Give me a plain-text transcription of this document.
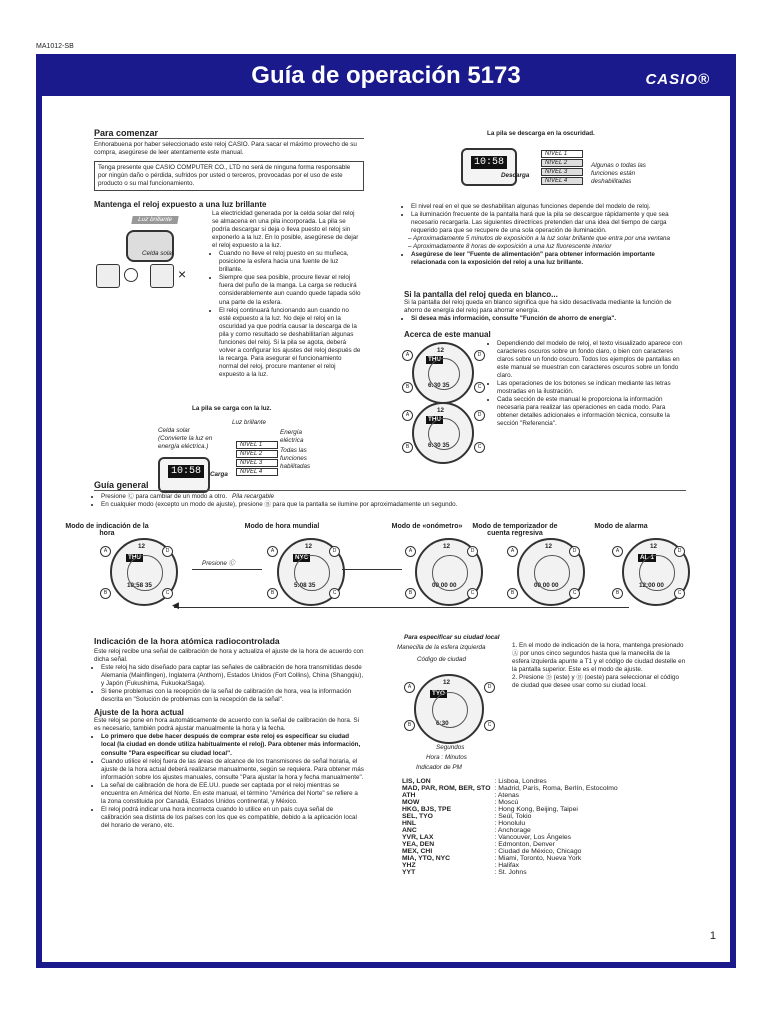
MA1012-SB
Guía de operación 5173	CASIO®
Para comenzar
Enhorabuena por haber seleccionado este reloj CASIO. Para sacar el máximo provecho de su compra, asegúrese de leer atentamente este manual.
Tenga presente que CASIO COMPUTER CO., LTD no será de ninguna forma responsable por ningún daño o pérdida, sufridos por usted o terceros, provocadas por el uso de este producto o su mal funcionamiento.
Mantenga el reloj expuesto a una luz brillante
Luz brillante
Celda solar
×
La electricidad generada por la celda solar del reloj se almacena en una pila incorporada. La pila se podría descargar si deja o lleva puesto el reloj sin exponerlo a la luz. En lo posible, asegúrese de dejar el reloj expuesto a la luz.
• Cuando no lleve el reloj puesto en su muñeca, posicione la esfera hacia una fuente de luz brillante.
• Siempre que sea posible, procure llevar el reloj fuera del puño de la manga. La carga se reducirá considerablemente aun cuando quede tapada sólo una parte de la esfera.
• El reloj continuará funcionando aun cuando no esté expuesto a la luz. No deje el reloj en la oscuridad ya que podría causar la descarga de la pila y como resultado se deshabilitarían algunas funciones del reloj. Si la pila se agota, deberá volver a configurar los ajustes del reloj después de la recarga. Para asegurar el funcionamiento normal del reloj, procure mantener el reloj expuesto a la luz.
La pila se carga con la luz.
Luz brillante
Celda solar (Convierte la luz en energía eléctrica.)
Energía eléctrica
NIVEL 1
NIVEL 2
NIVEL 3
NIVEL 4
Todas las funciones habilitadas
10:58	Carga
Pila recargable
La pila se descarga en la oscuridad.
10:58
Descarga
NIVEL 1
NIVEL 2
NIVEL 3
NIVEL 4
Algunas o todas las funciones están deshabilitadas
• El nivel real en el que se deshabilitan algunas funciones depende del modelo de reloj.
• La iluminación frecuente de la pantalla hará que la pila se descargue rápidamente y que sea necesario recargarla. Las siguientes directrices pretenden dar una idea del tiempo de carga requerido para que se recupere de una sola operación de iluminación.
– Aproximadamente 5 minutos de exposición a la luz solar brillante que entra por una ventana
– Aproximadamente 8 horas de exposición a una luz fluorescente interior
• Asegúrese de leer "Fuente de alimentación" para obtener información importante relacionada con la exposición del reloj a una luz brillante.
Si la pantalla del reloj queda en blanco...
Si la pantalla del reloj queda en blanco significa que ha sido desactivada mediante la función de ahorro de energía del reloj para ahorrar energía.
• Si desea más información, consulte "Función de ahorro de energía".
Acerca de este manual
12
THU
6:30 35
A	D
B	C
12
THU
6:30 35
A	D
B	C
• Dependiendo del modelo de reloj, el texto visualizado aparece con caracteres oscuros sobre un fondo claro, o bien con caracteres claros sobre un fondo oscuro. Todos los ejemplos de pantallas en este manual se muestran con caracteres oscuros sobre un fondo claro.
• Las operaciones de los botones se indican mediante las letras mostradas en la ilustración.
• Cada sección de este manual le proporciona la información necesaria para realizar las operaciones en cada modo. Para obtener detalles adicionales e información técnica, consulte la sección "Referencia".
Guía general
• Presione Ⓒ para cambiar de un modo a otro.
• En cualquier modo (excepto un modo de ajuste), presione Ⓑ para que la pantalla se ilumine por aproximadamente un segundo.
Modo de indicación de la hora
12
THU
10:58 35
A	D
B	C
Modo de hora mundial
12
NYC
5:08 35
A	D
B	C
Modo de «onómetro»
12
00 00 00
A	D
B	C
Modo de temporizador de cuenta regresiva
12
00 00 00
A	D
B	C
Modo de alarma
12
AL-1
12:00 00
A	D
B	C
Presione Ⓒ
◀
Indicación de la hora atómica radiocontrolada
Este reloj recibe una señal de calibración de hora y actualiza el ajuste de la hora de acuerdo con dicha señal.
• Este reloj ha sido diseñado para captar las señales de calibración de hora transmitidas desde Alemania (Mainflingen), Inglaterra (Anthorn), Estados Unidos (Fort Collins), China (Shangqiu), y Japón (Fukushima, Fukuoka/Saga).
• Si tiene problemas con la recepción de la señal de calibración de hora, vea la información descrita en "Solución de problemas con la recepción de la señal".
Ajuste de la hora actual
Este reloj se pone en hora automáticamente de acuerdo con la señal de calibración de hora. Si es necesario, también podrá ajustar manualmente la hora y la fecha.
• Lo primero que debe hacer después de comprar este reloj es especificar su ciudad local (la ciudad en donde utiliza habitualmente el reloj). Para obtener más información, consulte "Para especificar su ciudad local".
• Cuando utilice el reloj fuera de las áreas de alcance de los transmisores de señal horaria, el ajuste de la hora actual deberá realizarse manualmente, según se requiera. Para obtener más información sobre los ajustes manuales, consulte "Para ajustar la hora y fecha manualmente".
• La señal de calibración de hora de EE.UU. puede ser captada por el reloj mientras se encuentra en América del Norte. En este manual, el término "América del Norte" se refiere a la zona constituida por Canadá, Estados Unidos continental, y México.
• El reloj podrá indicar una hora incorrecta cuando lo utilice en un país cuya señal de calibración sea distinta de los países con los que es compatible, debido a la aplicación local del horario de verano, etc.
Para especificar su ciudad local
Manecilla de la esfera izquierda
Código de ciudad
12
TYO
6:30
A	D
B	C
Segundos
Hora : Minutos
Indicador de PM
1. En el modo de indicación de la hora, mantenga presionado Ⓐ por unos cinco segundos hasta que la manecilla de la esfera izquierda apunte a T1 y el código de ciudad destelle en la pantalla superior. Este es el modo de ajuste.
2. Presione Ⓓ (este) y Ⓑ (oeste) para seleccionar el código de ciudad que desee usar como su ciudad local.
LIS, LON	: Lisboa, Londres
MAD, PAR, ROM, BER, STO	: Madrid, París, Roma, Berlín, Estocolmo
ATH	: Atenas
MOW	: Moscú
HKG, BJS, TPE	: Hong Kong, Beijing, Taipei
SEL, TYO	: Seúl, Tokio
HNL	: Honolulu
ANC	: Anchorage
YVR, LAX	: Vancouver, Los Ángeles
YEA, DEN	: Edmonton, Denver
MEX, CHI	: Ciudad de México, Chicago
MIA, YTO, NYC	: Miami, Toronto, Nueva York
YHZ	: Halifax
YYT	: St. Johns
1
